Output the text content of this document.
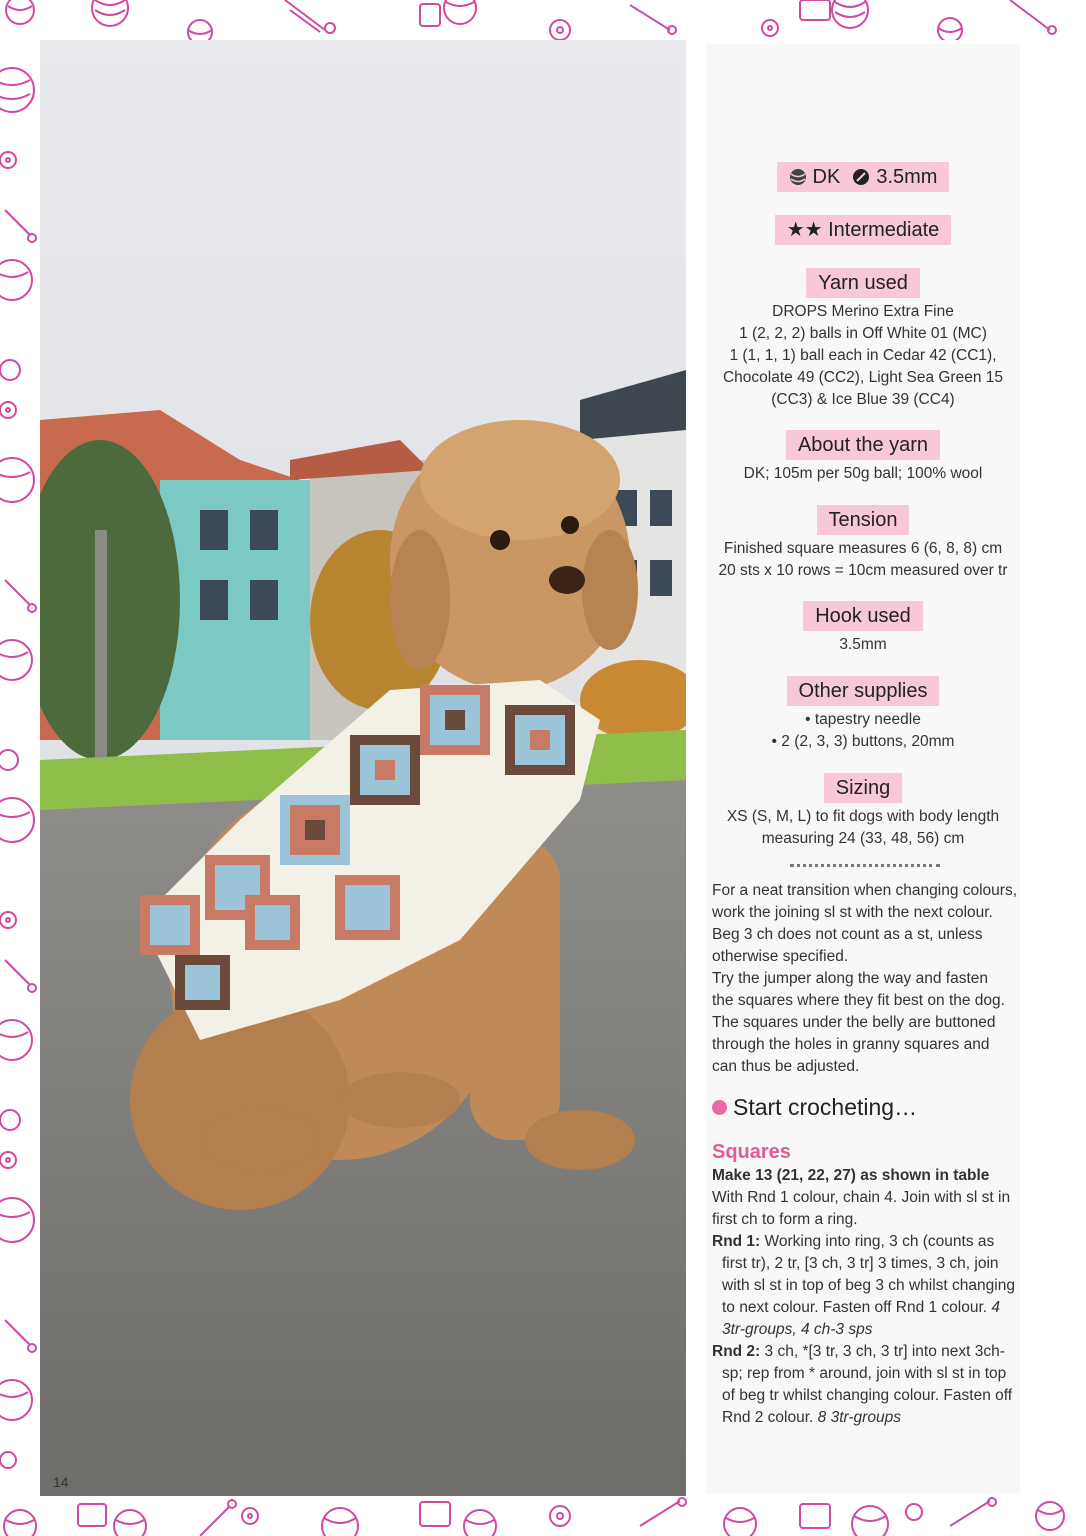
14
DK 3.5mm
★★ Intermediate
Yarn used
DROPS Merino Extra Fine
1 (2, 2, 2) balls in Off White 01 (MC)
1 (1, 1, 1) ball each in Cedar 42 (CC1),
Chocolate 49 (CC2), Light Sea Green 15
(CC3) & Ice Blue 39 (CC4)
About the yarn
DK; 105m per 50g ball; 100% wool
Tension
Finished square measures 6 (6, 8, 8) cm
20 sts x 10 rows = 10cm measured over tr
Hook used
3.5mm
Other supplies
• tapestry needle
• 2 (2, 3, 3) buttons, 20mm
Sizing
XS (S, M, L) to fit dogs with body length
measuring 24 (33, 48, 56) cm
For a neat transition when changing colours,
work the joining sl st with the next colour.
Beg 3 ch does not count as a st, unless
otherwise specified.
Try the jumper along the way and fasten
the squares where they fit best on the dog.
The squares under the belly are buttoned
through the holes in granny squares and
can thus be adjusted.
Start crocheting…
Squares
Make 13 (21, 22, 27) as shown in table
With Rnd 1 colour, chain 4. Join with sl st in
first ch to form a ring.
Rnd 1: Working into ring, 3 ch (counts as
first tr), 2 tr, [3 ch, 3 tr] 3 times, 3 ch, join
with sl st in top of beg 3 ch whilst changing
to next colour. Fasten off Rnd 1 colour. 4
3tr-groups, 4 ch-3 sps
Rnd 2: 3 ch, *[3 tr, 3 ch, 3 tr] into next 3ch-
sp; rep from * around, join with sl st in top
of beg tr whilst changing colour. Fasten off
Rnd 2 colour. 8 3tr-groups
